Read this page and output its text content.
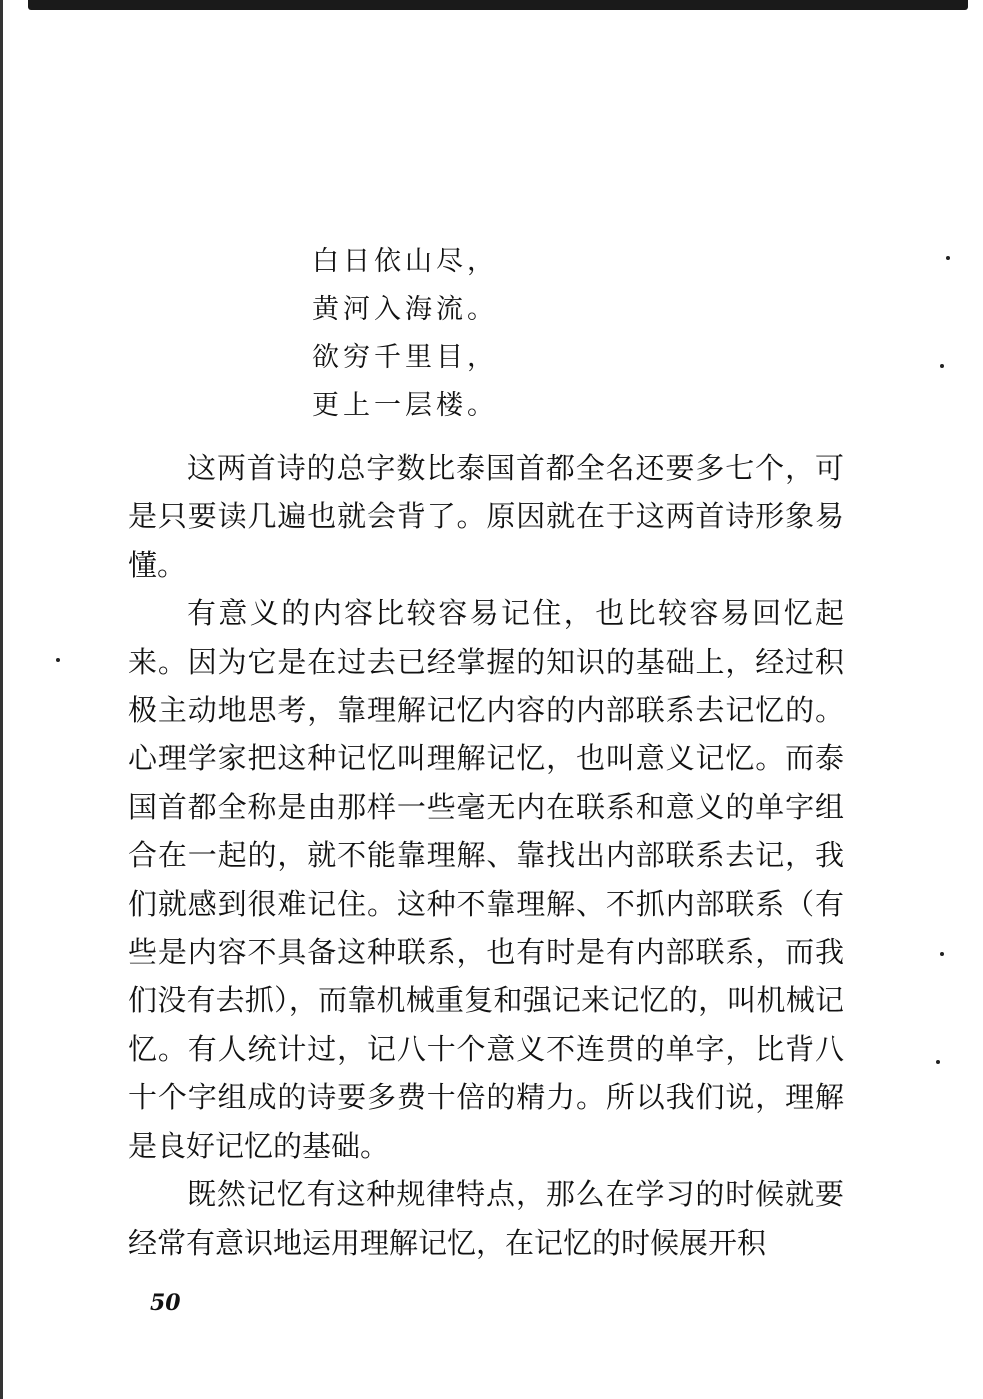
白日依山尽，
黄河入海流。
欲穷千里目，
更上一层楼。

这两首诗的总字数比泰国首都全名还要多七个，可是只要读几遍也就会背了。原因就在于这两首诗形象易懂。

有意义的内容比较容易记住，也比较容易回忆起来。因为它是在过去已经掌握的知识的基础上，经过积极主动地思考，靠理解记忆内容的内部联系去记忆的。心理学家把这种记忆叫理解记忆，也叫意义记忆。而泰国首都全称是由那样一些毫无内在联系和意义的单字组合在一起的，就不能靠理解、靠找出内部联系去记，我们就感到很难记住。这种不靠理解、不抓内部联系（有些是内容不具备这种联系，也有时是有内部联系，而我们没有去抓），而靠机械重复和强记来记忆的，叫机械记忆。有人统计过，记八十个意义不连贯的单字，比背八十个字组成的诗要多费十倍的精力。所以我们说，理解是良好记忆的基础。

既然记忆有这种规律特点，那么在学习的时候就要经常有意识地运用理解记忆，在记忆的时候展开积

50
